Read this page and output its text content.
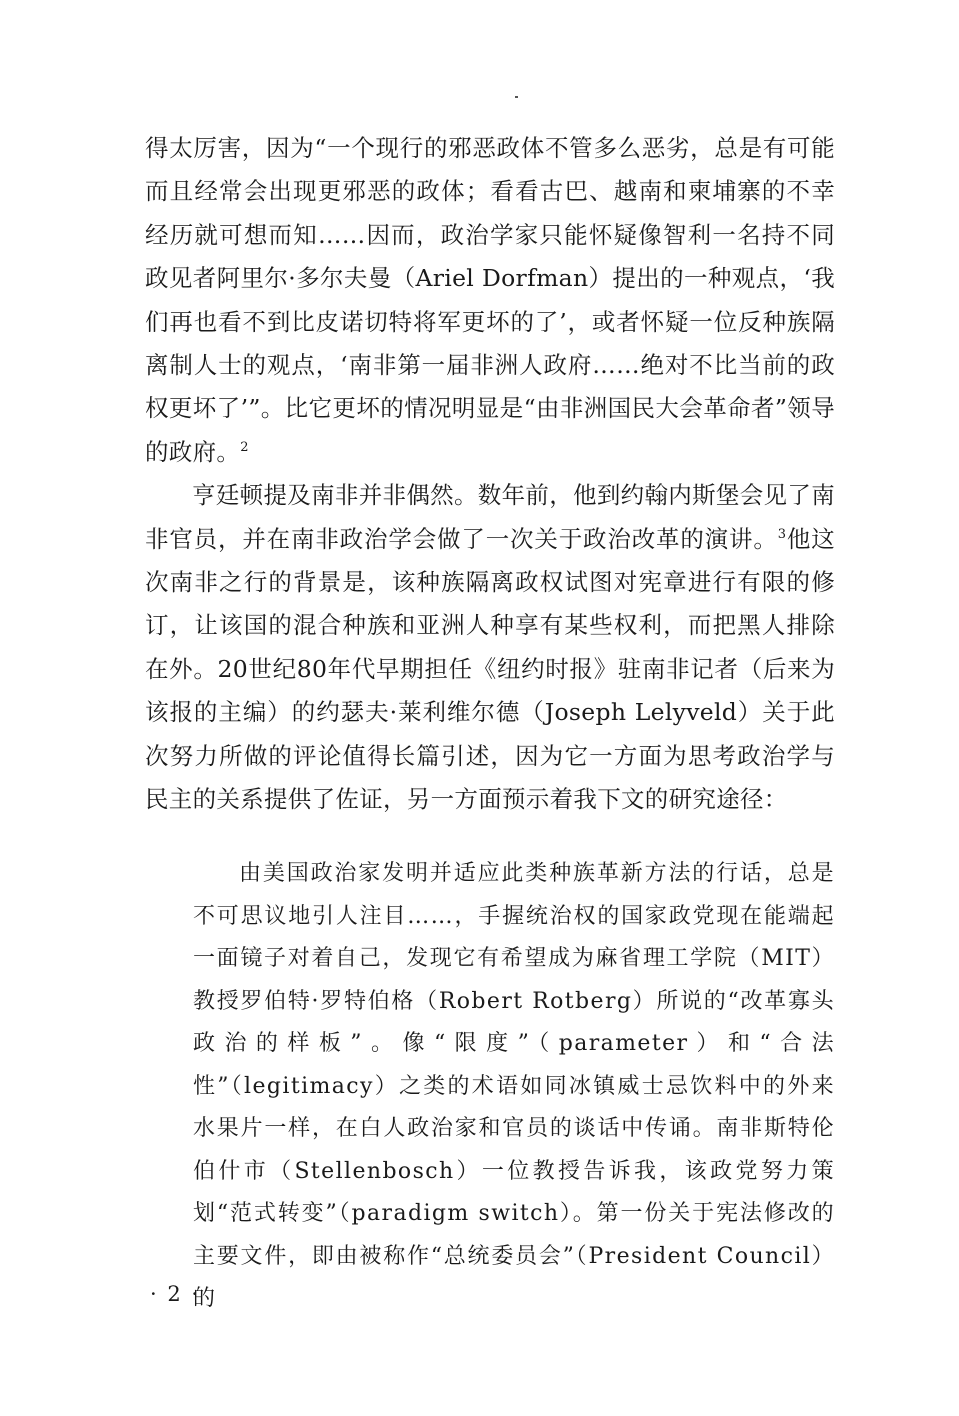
得太厉害，因为“一个现行的邪恶政体不管多么恶劣，总是有可能而且经常会出现更邪恶的政体；看看古巴、越南和柬埔寨的不幸经历就可想而知……因而，政治学家只能怀疑像智利一名持不同政见者阿里尔·多尔夫曼（Ariel Dorfman）提出的一种观点，‘我们再也看不到比皮诺切特将军更坏的了’，或者怀疑一位反种族隔离制人士的观点，‘南非第一届非洲人政府……绝对不比当前的政权更坏了’”。比它更坏的情况明显是“由非洲国民大会革命者”领导的政府。$^2$

亨廷顿提及南非并非偶然。数年前，他到约翰内斯堡会见了南非官员，并在南非政治学会做了一次关于政治改革的演讲。$^3$他这次南非之行的背景是，该种族隔离政权试图对宪章进行有限的修订，让该国的混合种族和亚洲人种享有某些权利，而把黑人排除在外。20世纪80年代早期担任《纽约时报》驻南非记者（后来为该报的主编）的约瑟夫·莱利维尔德（Joseph Lelyveld）关于此次努力所做的评论值得长篇引述，因为它一方面为思考政治学与民主的关系提供了佐证，另一方面预示着我下文的研究途径：

由美国政治家发明并适应此类种族革新方法的行话，总是不可思议地引人注目……，手握统治权的国家政党现在能端起一面镜子对着自己，发现它有希望成为麻省理工学院（MIT）教授罗伯特·罗特伯格（Robert Rotberg）所说的“改革寡头政治的样板”。像“限度”（parameter）和“合法性”（legitimacy）之类的术语如同冰镇威士忌饮料中的外来水果片一样，在白人政治家和官员的谈话中传诵。南非斯特伦伯什市（Stellenbosch）一位教授告诉我，该政党努力策划“范式转变”（paradigm switch）。第一份关于宪法修改的主要文件，即由被称作“总统委员会”（President Council）的

· 2 ·
